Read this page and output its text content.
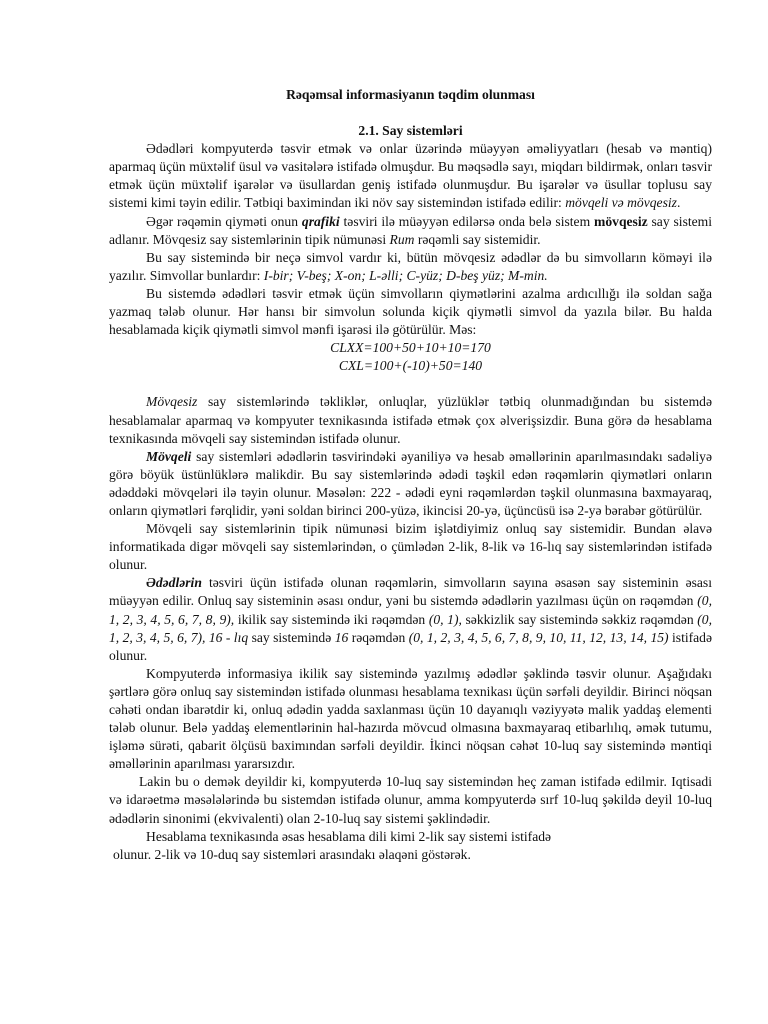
Rəqəmsal informasiyanın təqdim olunması
2.1. Say sistemləri

Ədədləri kompyuterdə təsvir etmək və onlar üzərində müəyyən əməliyyatları (hesab və məntiq) aparmaq üçün müxtəlif üsul və vasitələrə istifadə olmuşdur. Bu məqsədlə sayı, miqdarı bildirmək, onları təsvir etmək üçün müxtəlif işarələr və üsullardan geniş istifadə olunmuşdur. Bu işarələr və üsullar toplusu say sistemi kimi təyin edilir. Tətbiqi baximindan iki növ say sistemindən istifadə edilir: mövqeli və mövqesiz.

Əgər rəqəmin qiyməti onun qrafiki təsviri ilə müəyyən edilərsə onda belə sistem mövqesiz say sistemi adlanır. Mövqesiz say sistemlərinin tipik nümunəsi Rum rəqəmli say sistemidir.

Bu say sistemində bir neçə simvol vardır ki, bütün mövqesiz ədədlər də bu simvolların köməyi ilə yazılır. Simvollar bunlardır: I-bir; V-beş; X-on; L-əlli; C-yüz; D-beş yüz; M-min.

Bu sistemdə ədədləri təsvir etmək üçün simvolların qiymətlərini azalma ardıcıllığı ilə soldan sağa yazmaq tələb olunur. Hər hansı bir simvolun solunda kiçik qiymətli simvol da yazıla bilər. Bu halda hesablamada kiçik qiymətli simvol mənfi işarəsi ilə götürülür. Məs:

CLXX=100+50+10+10=170
CXL=100+(-10)+50=140

Mövqesiz say sistemlərində təkliklər, onluqlar, yüzlüklər tətbiq olunmadığından bu sistemdə hesablamalar aparmaq və kompyuter texnikasında istifadə etmək çox əlverişsizdir. Buna görə də hesablama texnikasında mövqeli say sistemindən istifadə olunur.

Mövqeli say sistemləri ədədlərin təsvirindəki əyaniliyə və hesab əməllərinin aparılmasındakı sadəliyə görə böyük üstünlüklərə malikdir. Bu say sistemlərində ədədi təşkil edən rəqəmlərin qiymətləri onların ədəddəki mövqeləri ilə təyin olunur. Məsələn: 222 - ədədi eyni rəqəmlərdən təşkil olunmasına baxmayaraq, onların qiymətləri fərqlidir, yəni soldan birinci 200-yüzə, ikincisi 20-yə, üçüncüsü isə 2-yə bərabər götürülür.

Mövqeli say sistemlərinin tipik nümunəsi bizim işlətdiyimiz onluq say sistemidir. Bundan əlavə informatikada digər mövqeli say sistemlərindən, o çümlədən 2-lik, 8-lik və 16-lıq say sistemlərindən istifadə olunur.

Ədədlərin təsviri üçün istifadə olunan rəqəmlərin, simvolların sayına əsasən say sisteminin əsası müəyyən edilir. Onluq say sisteminin əsası ondur, yəni bu sistemdə ədədlərin yazılması üçün on rəqəmdən (0, 1, 2, 3, 4, 5, 6, 7, 8, 9), ikilik say sistemində iki rəqəmdən (0, 1), səkkizlik say sistemində səkkiz rəqəmdən (0, 1, 2, 3, 4, 5, 6, 7), 16 - lıq say sistemində 16 rəqəmdən (0, 1, 2, 3, 4, 5, 6, 7, 8, 9, 10, 11, 12, 13, 14, 15) istifadə olunur.

Kompyuterdə informasiya ikilik say sistemində yazılmış ədədlər şəklində təsvir olunur. Aşağıdakı şərtlərə görə onluq say sistemindən istifadə olunması hesablama texnikası üçün sərfəli deyildir. Birinci nöqsan cəhəti ondan ibarətdir ki, onluq ədədin yadda saxlanması üçün 10 dayanıqlı vəziyyətə malik yaddaş elementi tələb olunur. Belə yaddaş elementlərinin hal-hazırda mövcud olmasına baxmayaraq etibarlılıq, əmək tutumu, işləmə sürəti, qabarit ölçüsü baximından sərfəli deyildir. İkinci nöqsan cəhət 10-luq say sistemində məntiqi əməllərinin aparılması yararsızdır.

Lakin bu o demək deyildir ki, kompyuterdə 10-luq say sistemindən heç zaman istifadə edilmir. Iqtisadi və idarəetmə məsələlərində bu sistemdən istifadə olunur, amma kompyuterdə sırf 10-luq şəkildə deyil 10-luq ədədlərin sinonimi (ekvivalenti) olan 2-10-luq say sistemi şəklindədir.

Hesablama texnikasında əsas hesablama dili kimi 2-lik say sistemi istifadə

olunur. 2-lik və 10-duq say sistemləri arasındakı əlaqəni göstərək.
